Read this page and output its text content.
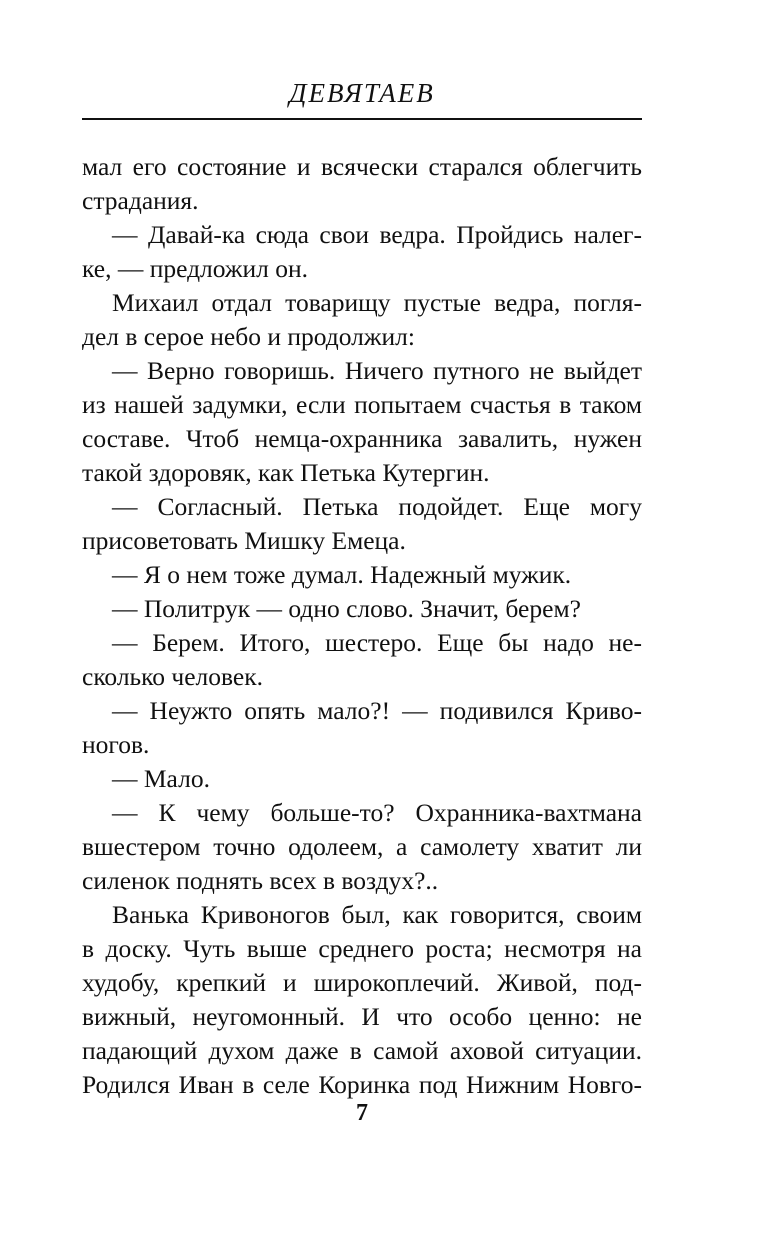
ДЕВЯТАЕВ
мал его состояние и всячески старался облегчить
страдания.
— Давай-ка сюда свои ведра. Пройдись налег-
ке, — предложил он.
Михаил отдал товарищу пустые ведра, погля-
дел в серое небо и продолжил:
— Верно говоришь. Ничего путного не выйдет
из нашей задумки, если попытаем счастья в таком
составе. Чтоб немца-охранника завалить, нужен
такой здоровяк, как Петька Кутергин.
— Согласный. Петька подойдет. Еще могу
присоветовать Мишку Емеца.
— Я о нем тоже думал. Надежный мужик.
— Политрук — одно слово. Значит, берем?
— Берем. Итого, шестеро. Еще бы надо не-
сколько человек.
— Неужто опять мало?! — подивился Криво-
ногов.
— Мало.
— К чему больше-то? Охранника-вахтмана
вшестером точно одолеем, а самолету хватит ли
силенок поднять всех в воздух?..
Ванька Кривоногов был, как говорится, своим
в доску. Чуть выше среднего роста; несмотря на
худобу, крепкий и широкоплечий. Живой, под-
вижный, неугомонный. И что особо ценно: не
падающий духом даже в самой аховой ситуации.
Родился Иван в селе Коринка под Нижним Новго-
7
